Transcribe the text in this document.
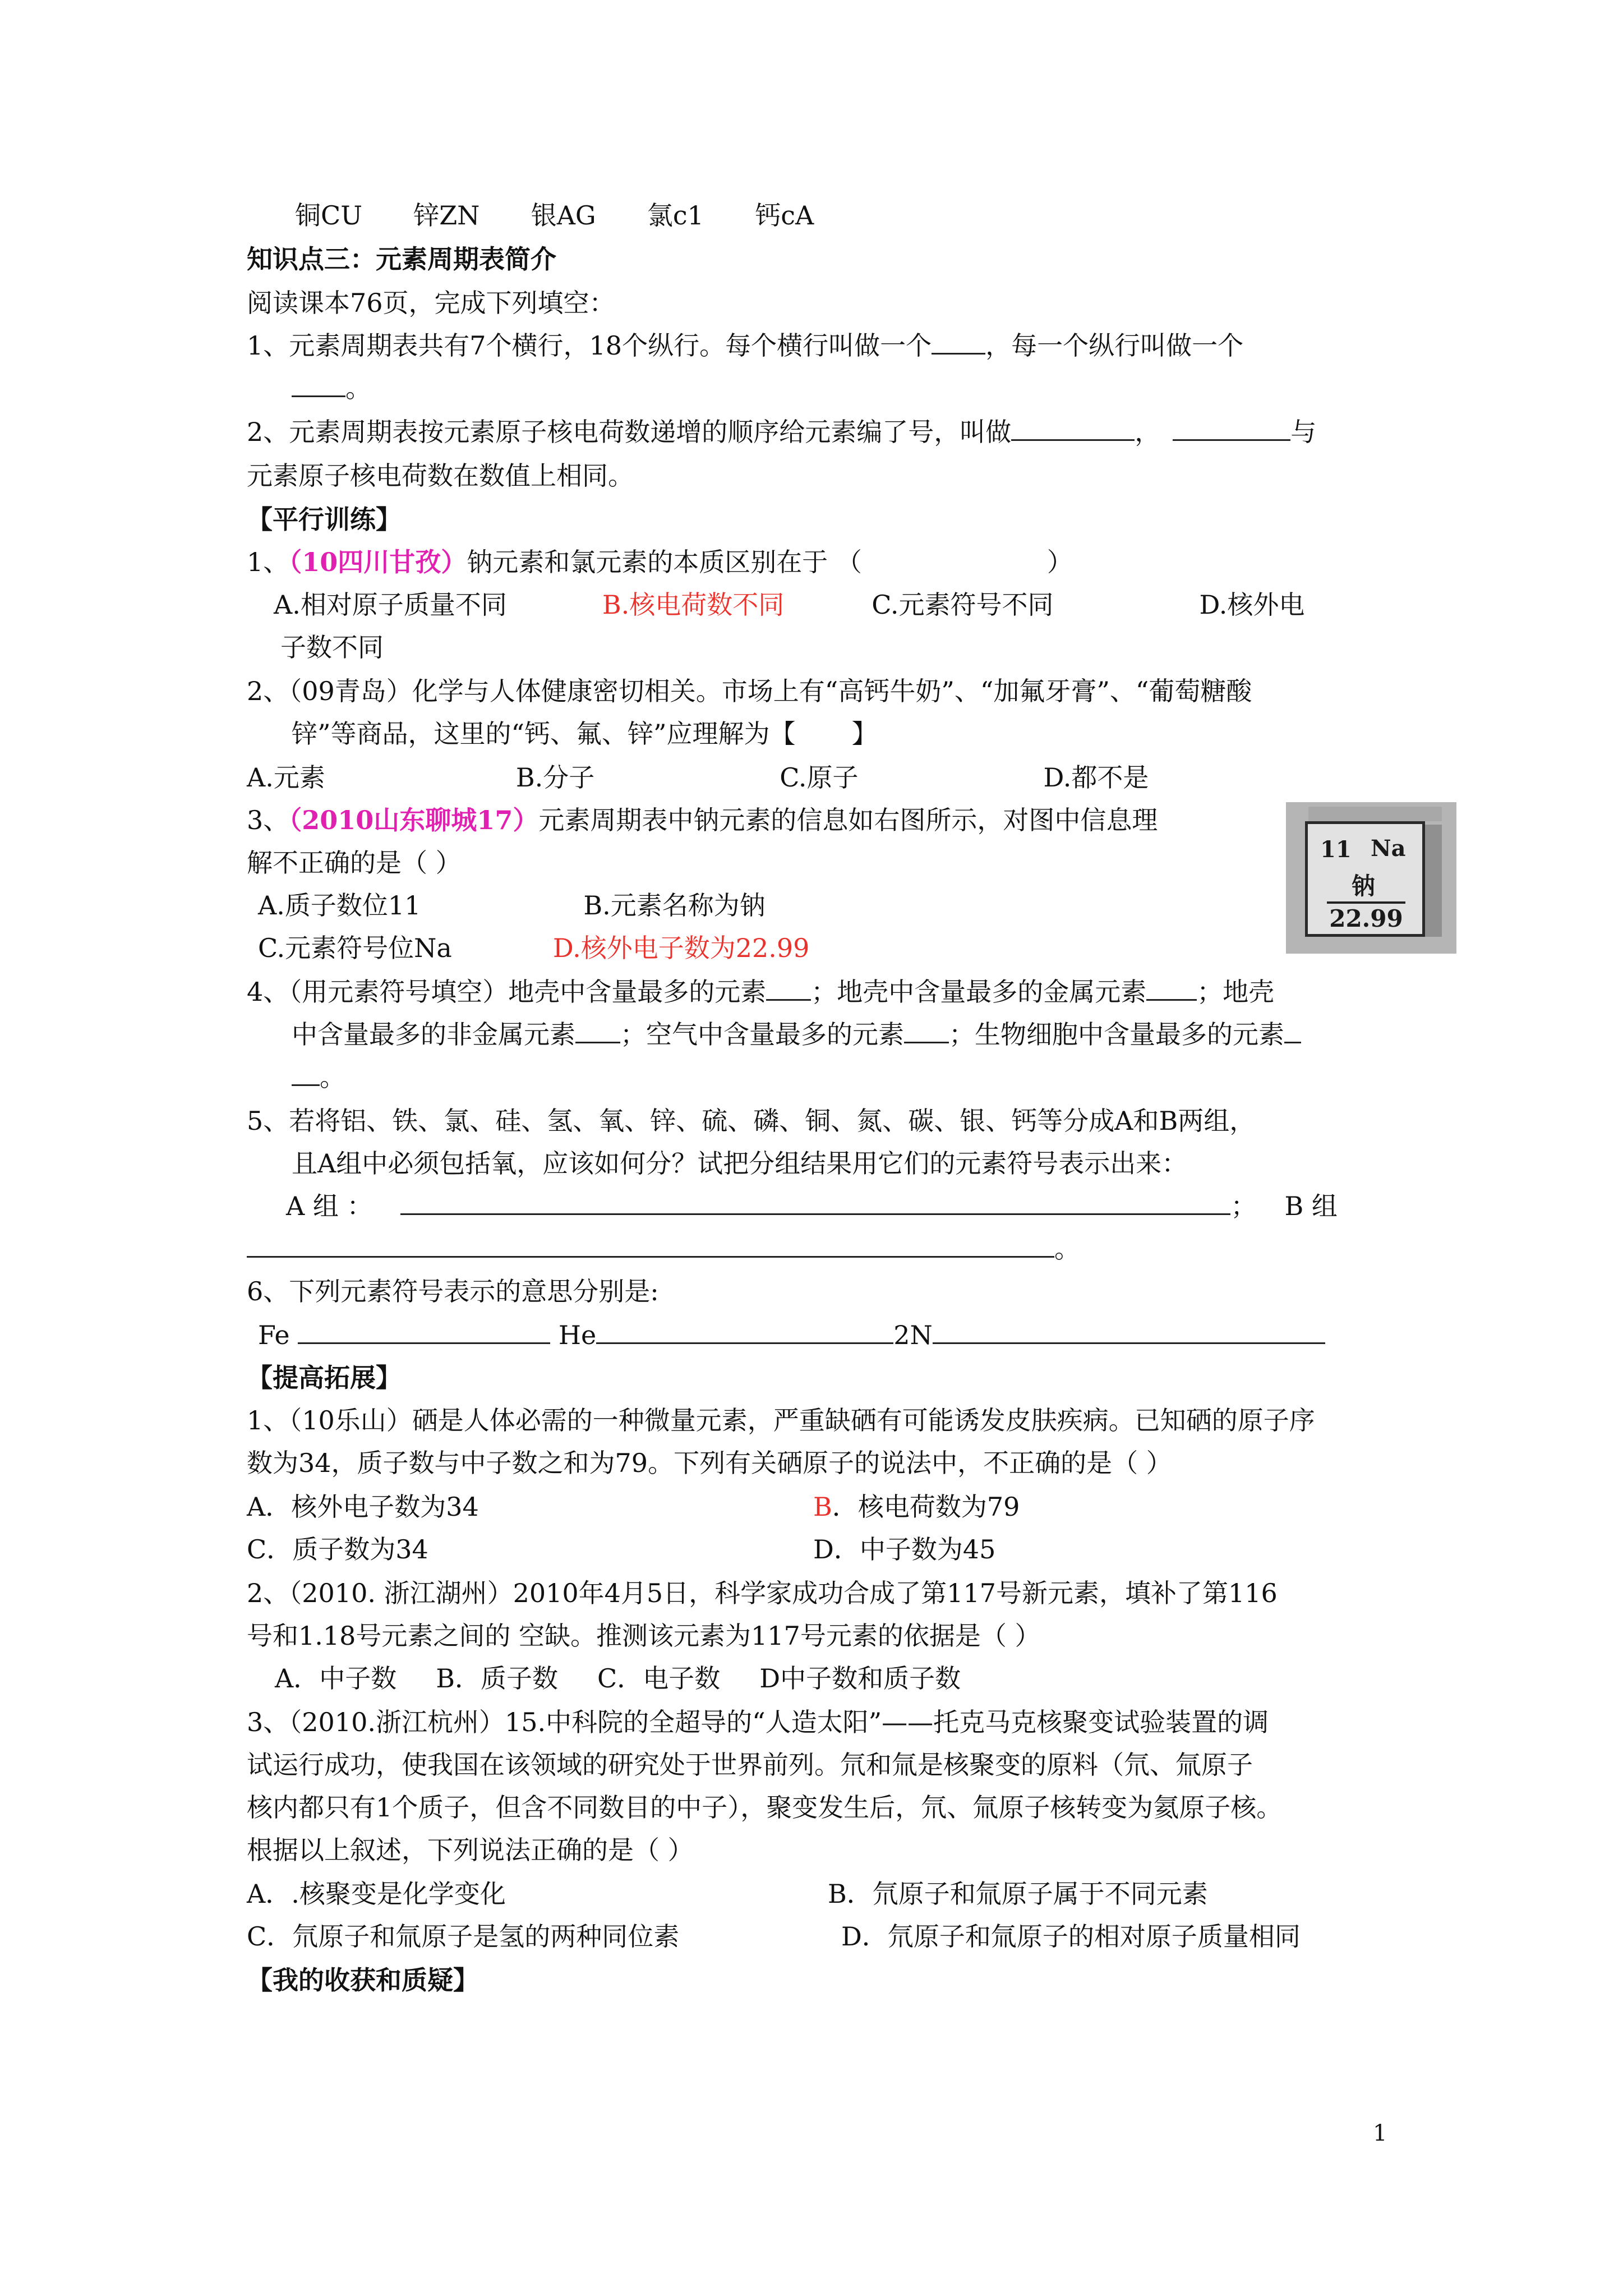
铜CU 锌ZN 银AG 氯c1 钙cA
知识点三：元素周期表简介
阅读课本76页，完成下列填空：
1、元素周期表共有7个横行，18个纵行。每个横行叫做一个 ，每一个纵行叫做一个
。
2、元素周期表按元素原子核电荷数递增的顺序给元素编了号，叫做	，	与
元素原子核电荷数在数值上相同。
【平行训练】
1、（10四川甘孜）钠元素和氯元素的本质区别在于 （	）
A.相对原子质量不同	B.核电荷数不同	C.元素符号不同	D.核外电
子数不同
2、（09青岛）化学与人体健康密切相关。市场上有“高钙牛奶”、“加氟牙膏”、“葡萄糖酸
锌”等商品，这里的“钙、氟、锌”应理解为【 】
A.元素	B.分子	C.原子	D.都不是
3、（2010山东聊城17）元素周期表中钠元素的信息如右图所示，对图中信息理
解不正确的是（ ）
A.质子数位11	B.元素名称为钠
C.元素符号位Na	D.核外电子数为22.99
11 Na
钠
22.99
4、（用元素符号填空）地壳中含量最多的元素 ；地壳中含量最多的金属元素 ；地壳
中含量最多的非金属元素 ；空气中含量最多的元素 ；生物细胞中含量最多的元素
。
5、若将铝、铁、氯、硅、氢、氧、锌、硫、磷、铜、氮、碳、银、钙等分成A和B两组，
且A组中必须包括氧，应该如何分？试把分组结果用它们的元素符号表示出来：
A 组 ：	； B 组
。
6、下列元素符号表示的意思分别是:
Fe	He	2N
【提高拓展】
1、（10乐山）硒是人体必需的一种微量元素，严重缺硒有可能诱发皮肤疾病。已知硒的原子序
数为34，质子数与中子数之和为79。下列有关硒原子的说法中，不正确的是（ ）
A．核外电子数为34	B．核电荷数为79
C．质子数为34	D．中子数为45
2、（2010. 浙江湖州）2010年4月5日，科学家成功合成了第117号新元素，填补了第116
号和1.18号元素之间的 空缺。推测该元素为117号元素的依据是（ ）
A．中子数 B．质子数 C．电子数 D中子数和质子数
3、（2010.浙江杭州）15.中科院的全超导的“人造太阳”——托克马克核聚变试验装置的调
试运行成功，使我国在该领域的研究处于世界前列。氘和氚是核聚变的原料（氘、氚原子
核内都只有1个质子，但含不同数目的中子），聚变发生后，氘、氚原子核转变为氦原子核。
根据以上叙述，下列说法正确的是（ ）
A．.核聚变是化学变化	B．氘原子和氚原子属于不同元素
C．氘原子和氚原子是氢的两种同位素	D．氘原子和氚原子的相对原子质量相同
【我的收获和质疑】
1
